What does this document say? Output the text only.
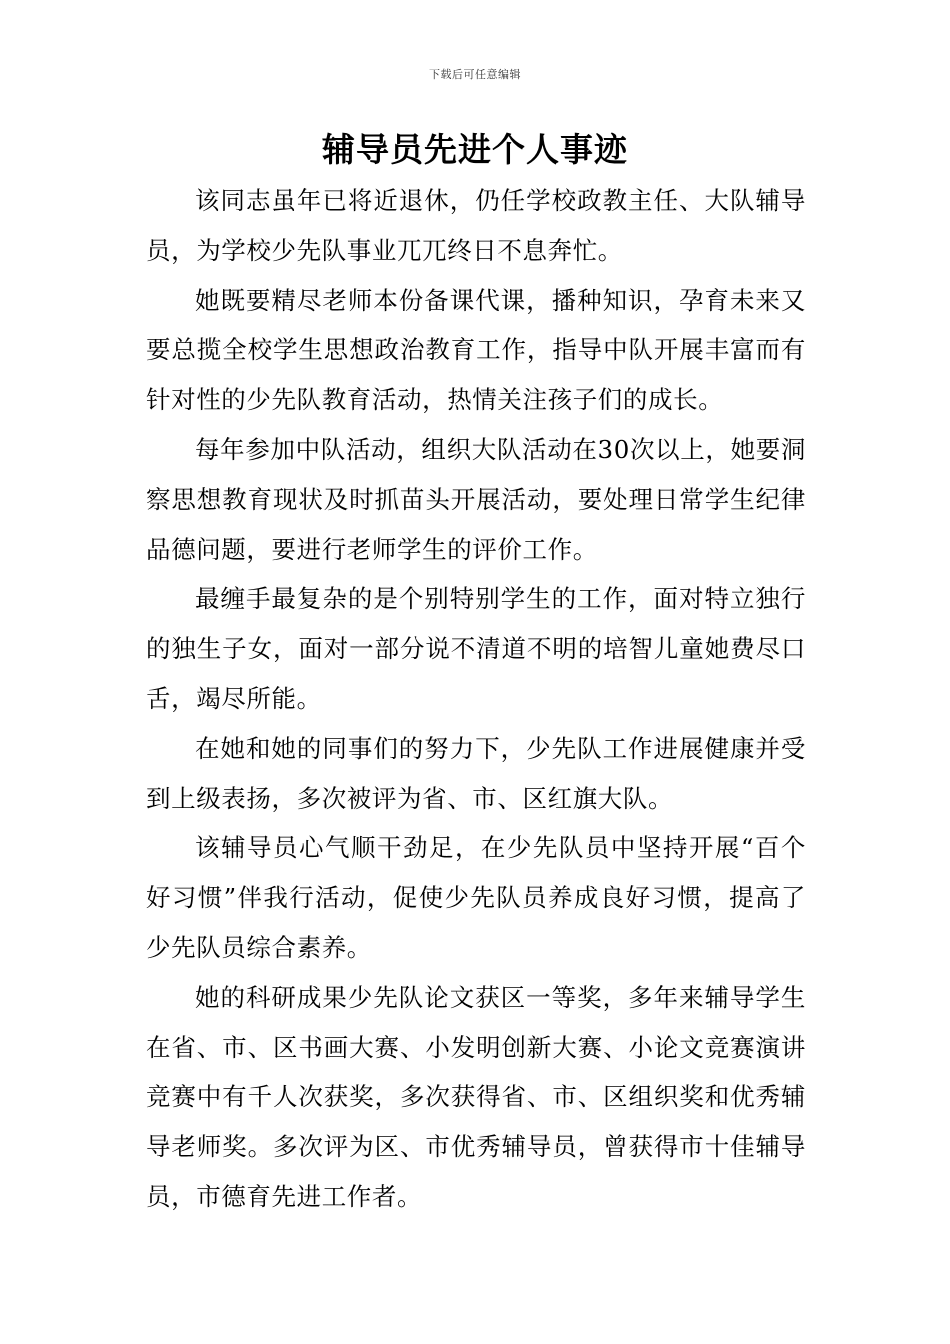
下载后可任意编辑
辅导员先进个人事迹

该同志虽年已将近退休，仍任学校政教主任、大队辅导员，为学校少先队事业兀兀终日不息奔忙。

她既要精尽老师本份备课代课，播种知识，孕育未来又要总揽全校学生思想政治教育工作，指导中队开展丰富而有针对性的少先队教育活动，热情关注孩子们的成长。

每年参加中队活动，组织大队活动在30次以上，她要洞察思想教育现状及时抓苗头开展活动，要处理日常学生纪律品德问题，要进行老师学生的评价工作。

最缠手最复杂的是个别特别学生的工作，面对特立独行的独生子女，面对一部分说不清道不明的培智儿童她费尽口舌，竭尽所能。

在她和她的同事们的努力下，少先队工作进展健康并受到上级表扬，多次被评为省、市、区红旗大队。

该辅导员心气顺干劲足，在少先队员中坚持开展“百个好习惯”伴我行活动，促使少先队员养成良好习惯，提高了少先队员综合素养。

她的科研成果少先队论文获区一等奖，多年来辅导学生在省、市、区书画大赛、小发明创新大赛、小论文竞赛演讲竞赛中有千人次获奖，多次获得省、市、区组织奖和优秀辅导老师奖。多次评为区、市优秀辅导员，曾获得市十佳辅导员，市德育先进工作者。
